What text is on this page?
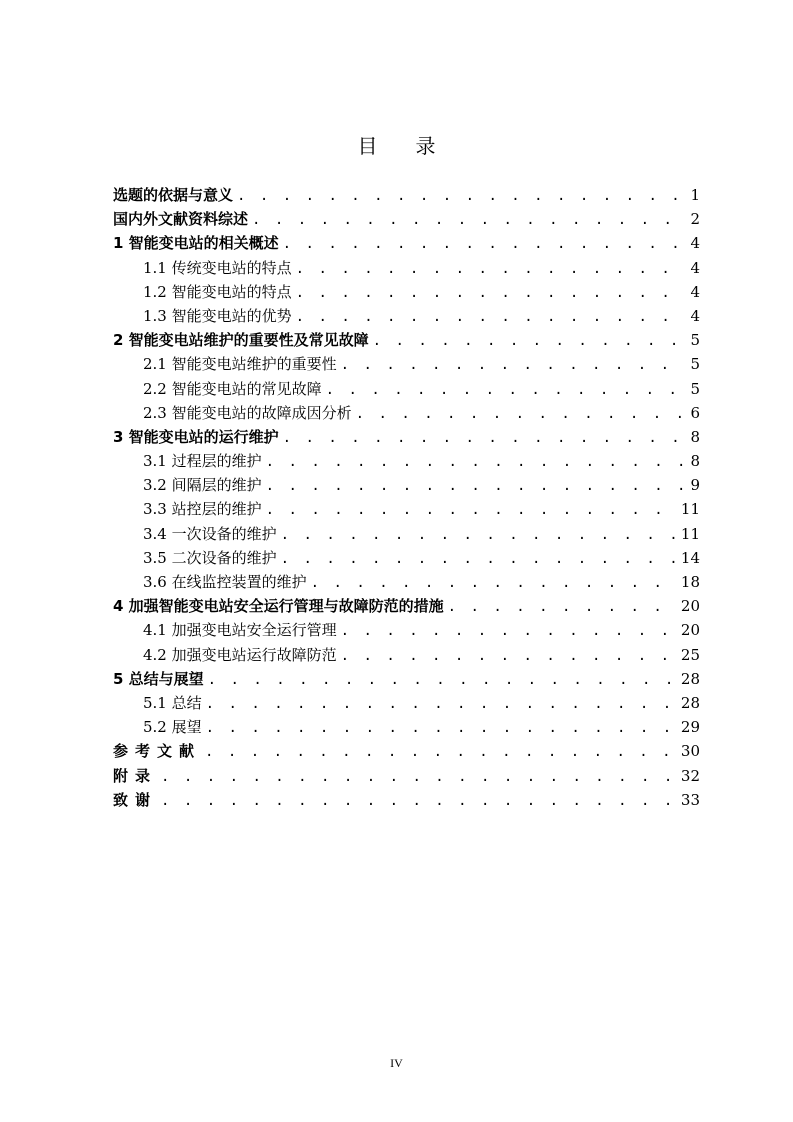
目 录
选题的依据与意义 . . .	1
国内外文献资料综述 . . .	2
1 智能变电站的相关概述 . . .	4
1.1 传统变电站的特点 . . .	4
1.2 智能变电站的特点 . . .	4
1.3 智能变电站的优势 . . .	4
2 智能变电站维护的重要性及常见故障 . . .	5
2.1 智能变电站维护的重要性 . . .	5
2.2 智能变电站的常见故障 . . .	5
2.3 智能变电站的故障成因分析 . . .	6
3 智能变电站的运行维护 . . .	8
3.1 过程层的维护 . . .	8
3.2 间隔层的维护 . . .	9
3.3 站控层的维护 . . .	11
3.4 一次设备的维护 . . .	11
3.5 二次设备的维护 . . .	14
3.6 在线监控装置的维护 . . .	18
4 加强智能变电站安全运行管理与故障防范的措施 . . .	20
4.1 加强变电站安全运行管理 . . .	20
4.2 加强变电站运行故障防范 . . .	25
5 总结与展望 . . .	28
5.1 总结 . . .	28
5.2 展望 . . .	29
参考文献 . . .	30
附录 . . .	32
致谢 . . .	33
IV
